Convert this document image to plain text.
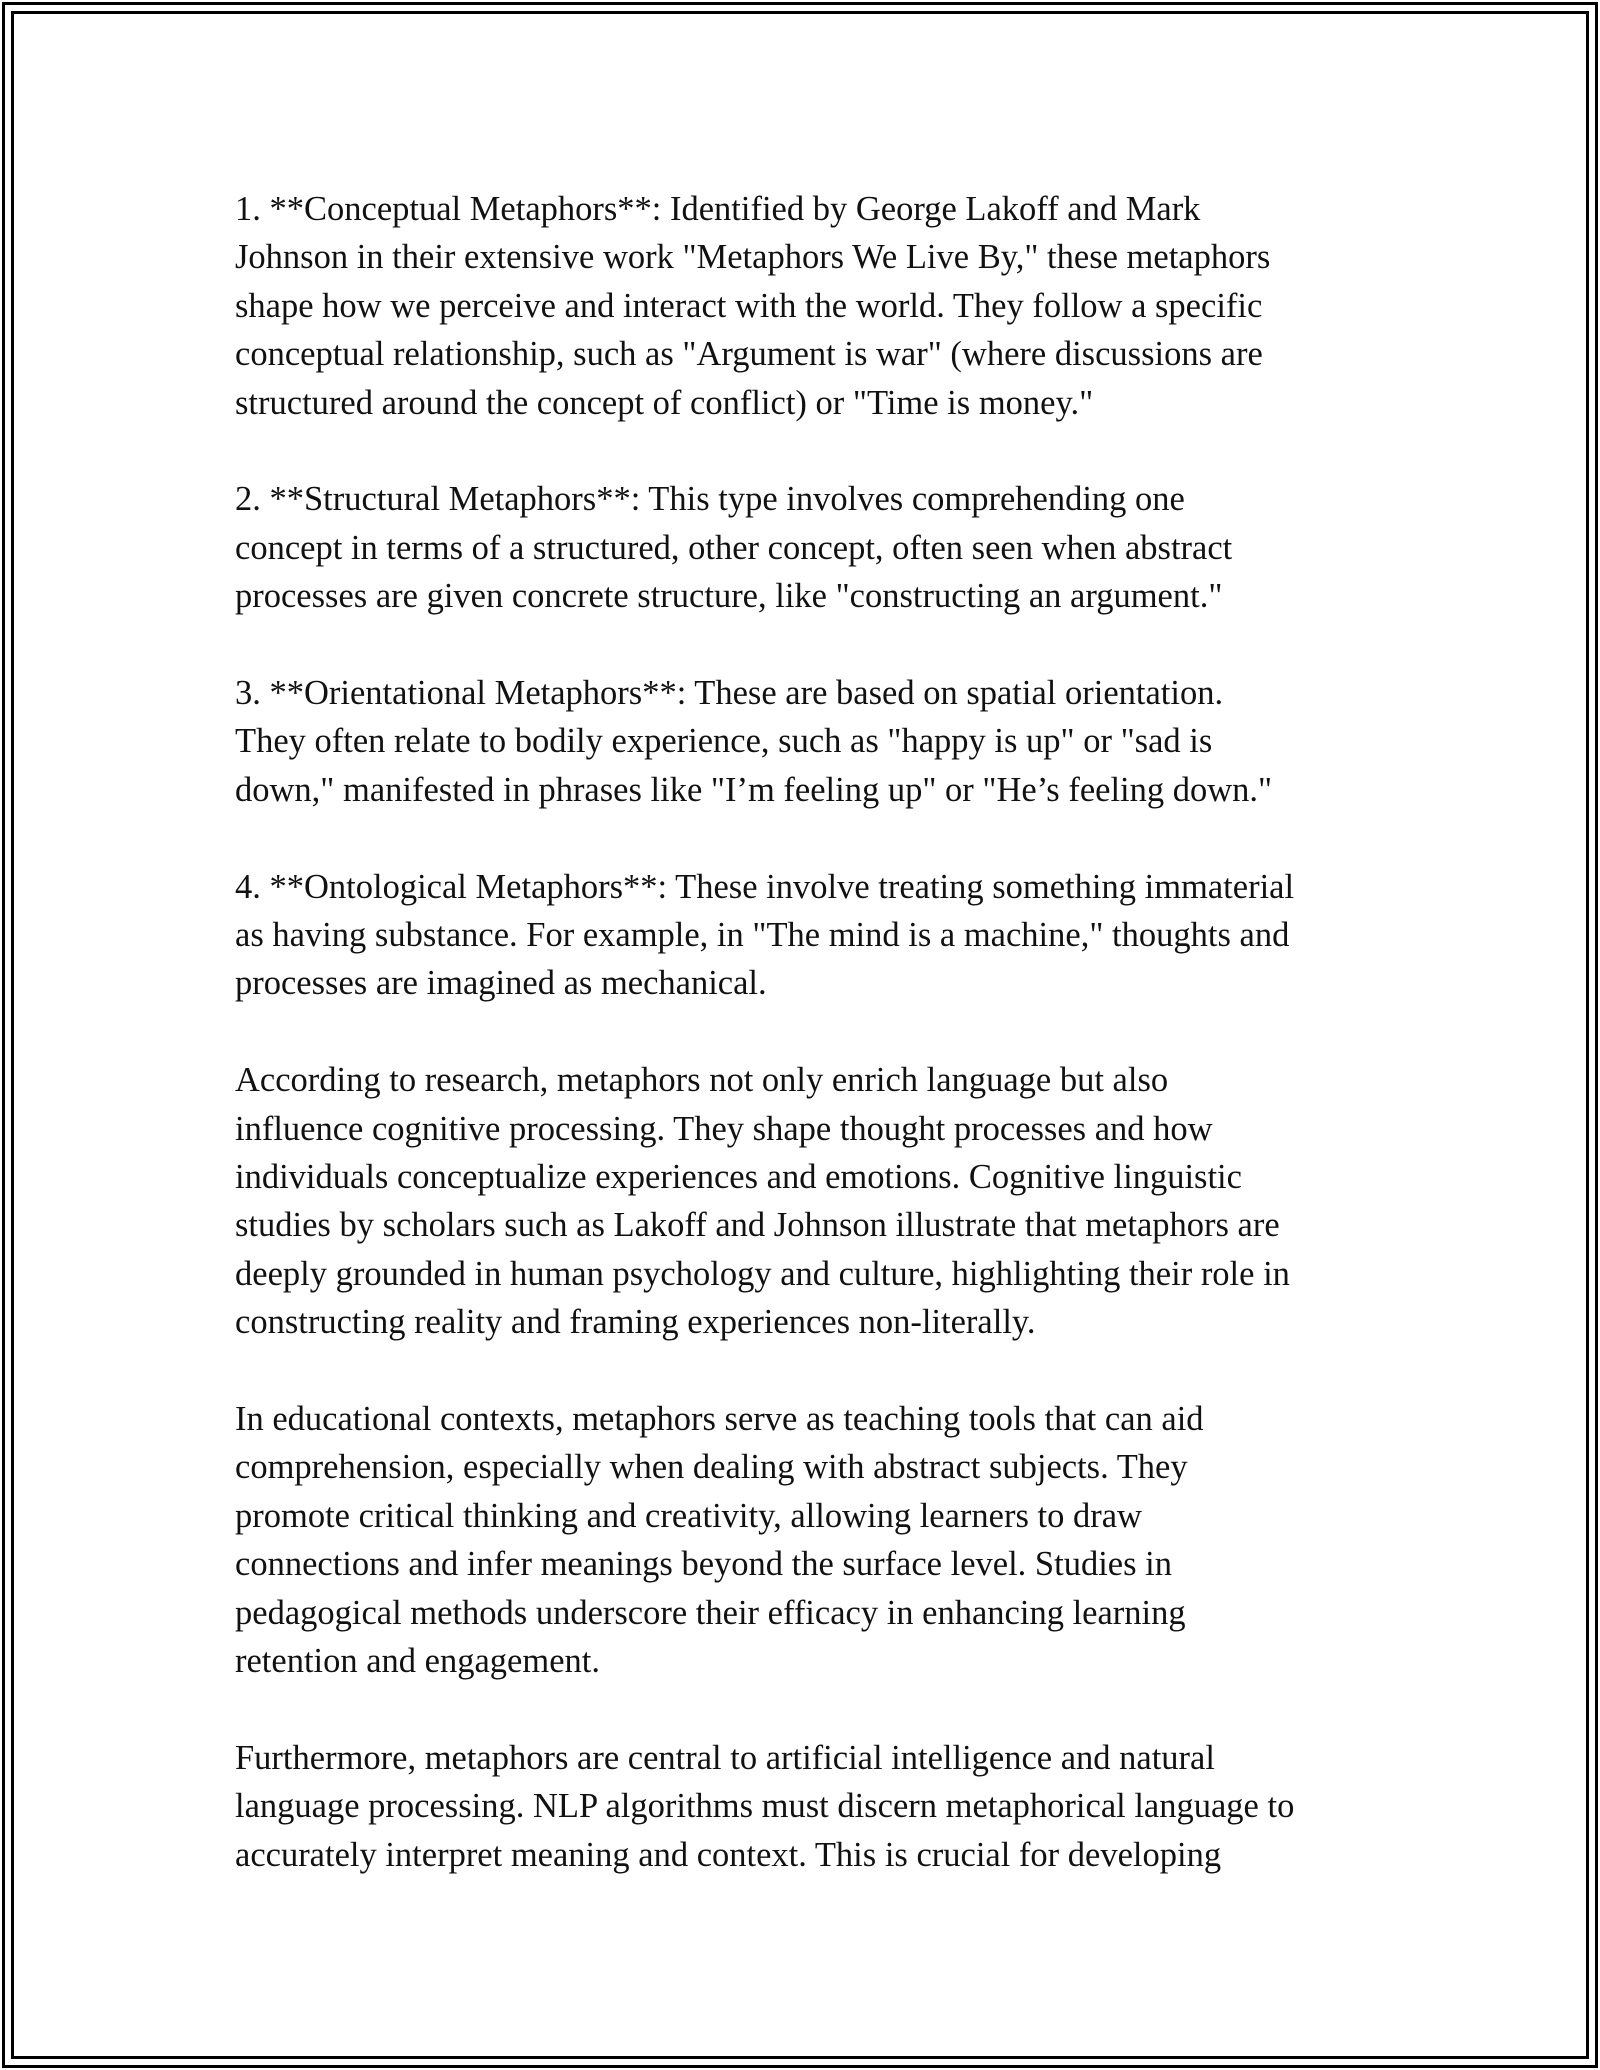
1. **Conceptual Metaphors**: Identified by George Lakoff and Mark
Johnson in their extensive work "Metaphors We Live By," these metaphors
shape how we perceive and interact with the world. They follow a specific
conceptual relationship, such as "Argument is war" (where discussions are
structured around the concept of conflict) or "Time is money."

2. **Structural Metaphors**: This type involves comprehending one
concept in terms of a structured, other concept, often seen when abstract
processes are given concrete structure, like "constructing an argument."

3. **Orientational Metaphors**: These are based on spatial orientation.
They often relate to bodily experience, such as "happy is up" or "sad is
down," manifested in phrases like "I’m feeling up" or "He’s feeling down."

4. **Ontological Metaphors**: These involve treating something immaterial
as having substance. For example, in "The mind is a machine," thoughts and
processes are imagined as mechanical.

According to research, metaphors not only enrich language but also
influence cognitive processing. They shape thought processes and how
individuals conceptualize experiences and emotions. Cognitive linguistic
studies by scholars such as Lakoff and Johnson illustrate that metaphors are
deeply grounded in human psychology and culture, highlighting their role in
constructing reality and framing experiences non-literally.

In educational contexts, metaphors serve as teaching tools that can aid
comprehension, especially when dealing with abstract subjects. They
promote critical thinking and creativity, allowing learners to draw
connections and infer meanings beyond the surface level. Studies in
pedagogical methods underscore their efficacy in enhancing learning
retention and engagement.

Furthermore, metaphors are central to artificial intelligence and natural
language processing. NLP algorithms must discern metaphorical language to
accurately interpret meaning and context. This is crucial for developing
